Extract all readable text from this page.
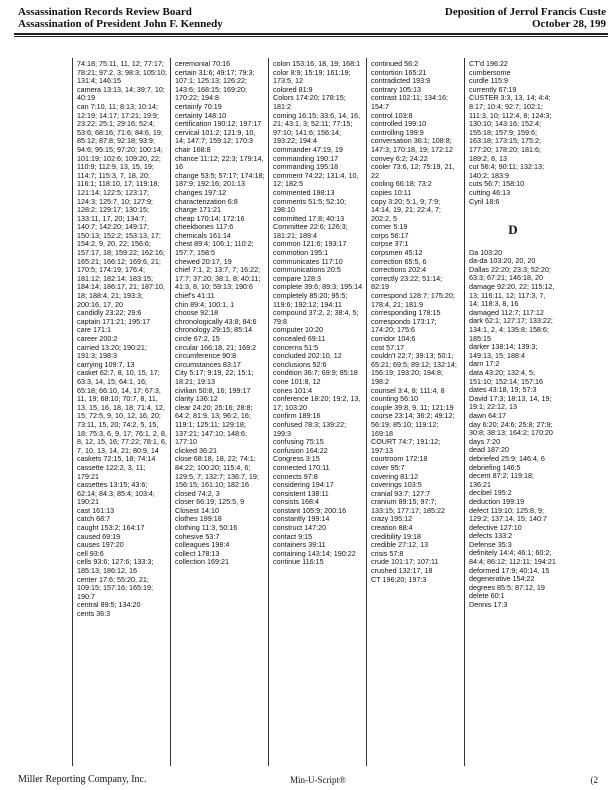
Assassination Records Review Board
Assassination of President John F. Kennedy
Deposition of Jerrol Francis Custe
October 28, 199
74:18; 75:11, 11, 12; 77:17; 78:21; 97:2, 3; 98:3; 105:10; 131:4; 146:15
camera 13:13, 14; 39:7, 10; 40:19
can 7:10, 11; 8:13; 10:14; 12:19; 14:17; 17:21; 19:9; 23:22; 25:1; 29:16; 52:4; 53:6; 68:16; 71:6; 84:6, 19; 85:12; 87:8; 92:18; 93:9; 94:6; 95:15; 97:20; 100:14; 101:19; 102:6; 109:20, 22; 110:9; 112:9, 13, 15, 19; 114:7; 115:3, 7, 18, 20; 116:1; 118:10, 17; 119:18; 121:14; 122:5; 123:17; 124:3; 125:7, 10; 127:9; 128:2; 129:17; 130:15; 133:11, 17, 20; 134:7; 140:7; 142:20; 149:17; 150:13; 152:2; 153:13, 17; 154:2, 9, 20, 22; 156:6; 157:17, 18; 159:22; 162:16; 165:21; 166:12; 169:6, 21; 170:5; 174:19; 176:4; 181:12; 182:14; 183:15; 184:14; 186:17, 21; 187:10, 18; 188:4, 21; 193:3; 200:16, 17, 20
candidly 23:22; 29:6
captain 171:21; 195:17
care 171:1
career 200:2
carried 13:20; 190:21; 191:3; 198:3
carrying 109:7, 13
casket 62:7, 8, 10, 15, 17; 63:3, 14, 15; 64:1, 16; 65:18; 66:10, 14, 17; 67:3, 11, 19; 68:10; 70:7, 8, 11, 13, 15, 16, 18, 18; 71:4, 12, 15; 72:5, 9, 10, 12, 16, 20; 73:11, 15, 20; 74:2, 5, 15, 18; 75:3, 6, 9, 17; 76:1, 2, 8, 8, 12, 15, 16; 77:22; 78:1, 6, 7, 10, 13, 14, 21; 80:9, 14
caskets 72:15, 18; 74:14
cassette 122:2, 3, 11; 179:21
cassettes 13:15; 43:6; 62:14; 84:3; 85:4; 103:4; 190:21
cast 161:13
catch 68:7
caught 153:2; 164:17
caused 69:19
causes 197:20
cell 93:6
cells 93:6; 127:6; 133:3; 185:13; 186:12, 16
center 17:6; 55:20, 21; 109:15; 157:16; 165:19; 190:7
central 89:5; 134:20
cents 36:3
ceremonial 70:16
certain 31:6; 49:17; 79:3; 107:1; 125:13; 126:22; 143:6; 168:15; 169:20; 170:22; 194:8
certainly 70:19
certainty 148:10
certification 190:12; 197:17
cervical 101:2; 121:9, 10, 14; 147:7; 159:12; 170:3
chair 168:8
chance 11:12; 22:3; 179:14, 16
change 53:5; 57:17; 174:18; 187:9; 192:16; 201:13
changes 197:12
characterization 6:8
charge 171:21
cheap 170:14; 172:16
cheekbones 117:6
chemicals 161:14
chest 89:4; 106:1; 110:2; 157:7; 158:5
chewed 20:17, 19
chief 7:1, 2; 13:7, 7; 16:22; 17:7; 37:20; 38:1, 8; 40:11; 41:3, 8, 10; 59:13; 190:6
chief's 41:11
chin 89:4; 100:1, 1
choose 92:18
chronologically 43:8; 84:6
chronology 29:15; 85:14
circle 67:2, 15
circular 166:18, 21; 169:2
circumference 90:8
circumstances 83:17
City 5:17; 9:19, 22; 15:1; 18:21; 19:13
civilian 50:8, 16; 199:17
clarity 136:12
clear 24:20; 25:16; 28:8; 64:2; 81:9, 13; 96:2, 16; 119:1; 125:11; 129:18; 137:21; 147:10; 148:6; 177:10
clicked 36:21
close 68:18, 18, 22; 74:1; 84:22; 100:20; 115:4, 6; 129:5, 7; 132:7; 136:7, 19; 156:15; 161:10; 182:16
closed 74:2, 3
closer 66:19; 125:5, 9
Closest 14:10
clothes 199:18
clothing 11:3, 50:16
cohesive 53:7
colleagues 198:4
collect 178:13
collection 169:21
colon 153:16, 18, 19; 168:1
color 8:9; 15:19; 161:19; 173:5, 12
colored 81:9
Colors 174:20; 178:15; 181:2
coming 16:15; 33:6, 14, 16, 21; 43:1, 3; 52:11; 77:15; 97:10; 141:6; 156:14; 193:22; 194:4
commander 47:19, 19
commanding 190:17
commanding 195:18
comment 74:22; 131:4, 10, 12; 182:5
commented 198:13
comments 51:5; 52:10; 198:10
committed 17:8; 40:13
Committee 22:6; 126:3; 181:21; 189:4
common 121:6; 193:17
commotion 195:1
communicates 117:10
communications 20:5
compare 128:3
complete 39:6; 89:3; 195:14
completely 85:20; 95:5; 119:6; 192:12; 194:11
compound 37:2, 2; 38:4, 5; 79:8
computer 10:20
concealed 69:11
concerns 51:5
concluded 202:10, 12
conclusions 52:6
condition 36:7; 69:9; 85:18
cone 101:8, 12
cones 101:4
conference 18:20; 19:2, 13, 17; 103:20
confirm 189:16
confused 78:3; 139:22; 199:3
confusing 75:15
confusion 164:22
Congress 3:15
connected 170:11
connects 97:8
considering 194:17
consistent 138:11
consists 168:4
constant 105:9; 200:16
constantly 199:14
construct 147:20
contact 9:15
containers 39:11
containing 143:14; 190:22
continue 116:15
continued 56:2
contortion 165:21
contradicted 193:9
contrary 105:13
contrast 102:11; 134:16; 154:7
control 103:8
controlled 199:10
controlling 199:9
conversation 36:1; 108:8; 147:3; 170:18, 19; 172:12
convey 6:2; 24:22
cooler 73:6, 12; 75:19, 21, 22
cooling 66:18; 73:2
copies 10:11
copy 3:20; 5:1, 9; 7:9; 14:14, 19, 21; 22:4, 7; 202:2, 5
corner 5:19
corps 56:17
corpse 37:1
corpsmen 45:12
correction 65:5, 6
corrections 202:4
correctly 23:22; 51:14; 82:19
correspond 128:7; 175:20; 178:4, 21; 181:9
corresponding 178:15
corresponds 173:17; 174:20; 175:6
corridor 104:6
cost 57:17
couldn't 22:7; 39:13; 50:1; 65:21; 69:5; 89:12; 132:14; 156:19; 193:20; 194:8; 198:2
counsel 3:4, 8; 111:4, 8
counting 56:10
couple 39:8, 9, 11; 121:19
course 23:14; 36:2; 49:12; 56:19; 85:10; 119:12; 169:18
COURT 74:7; 191:12; 197:13
courtroom 172:18
cover 95:7
covering 81:12
coverings 103:5
cranial 93:7; 127:7
cranium 89:15; 97:7; 133:15; 177:17; 185:22
crazy 195:12
creation 88:4
credibility 19:18
credible 27:12, 13
crisis 57:8
crude 101:17; 107:11
crushed 132:17, 18
CT 196:20; 197:3
CT'd 196:22
cumbersome
curdle 115:9
currently 67:19
CUSTER 3:3, 13, 14; 4:4; 8:17; 10:4; 92:7; 102:1; 111:3, 10; 112:4, 8; 124:3; 130:10; 143:16; 152:4; 155:18; 157:9; 159:6; 163:18; 173:15; 175:2; 177:20; 178:20; 181:6; 189:2, 8, 13
cut 56:4; 90:11; 132:13; 140:2; 183:9
cuts 56:7; 158:10
cutting 46:13
Cyril 18:6
D
Da 103:20
da-da 103:20, 20, 20
Dallas 22:20; 23:3; 52:20; 63:3; 67:21; 146:18, 20
damage 92:20, 22; 115:12, 13; 116:11, 12; 117:3, 7, 14; 118:3, 8, 16
damaged 112:7; 117:12
dark 62:1; 127:17; 133:22; 134:1, 2, 4; 135:8; 158:6; 185:15
darker 138:14; 139:3; 149:13, 15; 188:4
darn 17:2
data 43:20; 132:4, 5; 151:10; 152:14; 157:16
dates 43:18, 19; 57:3
David 17:3; 18:13, 14, 19; 19:1; 22:12, 13
dawn 64:17
day 6:20; 24:6; 25:8; 27:9; 30:8; 38:13; 164:2; 170:20
days 7:20
dead 187:20
debriefed 25:9; 146:4, 6
debriefing 146:5
decent 87:2; 119:18; 136:21
decibel 195:2
deduction 199:19
defect 119:10; 125:8, 9; 129:2; 137:14, 15; 140:7
defective 127:10
defects 133:2
Defense 35:3
definitely 14:4; 46:1; 60:2; 84:4; 86:12; 112:11; 194:21
deformed 17:9; 40:14, 15
degenerative 154:22
degrees 85:5; 87:12, 19
delete 60:1
Dennis 17:3
Miller Reporting Company, Inc.	Min-U-Script®	(2
